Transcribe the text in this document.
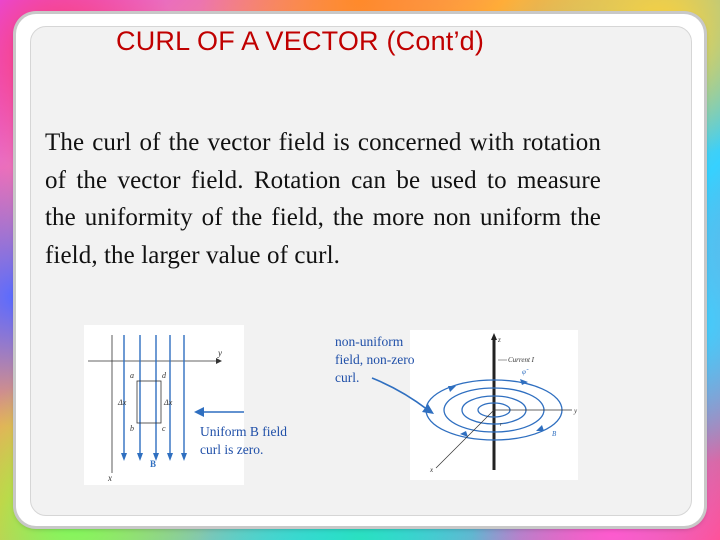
CURL OF A VECTOR (Cont’d)
The curl of the vector field is concerned with rotation of the vector field. Rotation can be used to measure the uniformity of the field, the more non uniform the field, the larger value of curl.
y
x
a	d
b	c
Δx	Δx
B
Uniform B field
curl is zero.
z
Current I
y
x
φ̂
B
r
non-uniform
field, non-zero
curl.
